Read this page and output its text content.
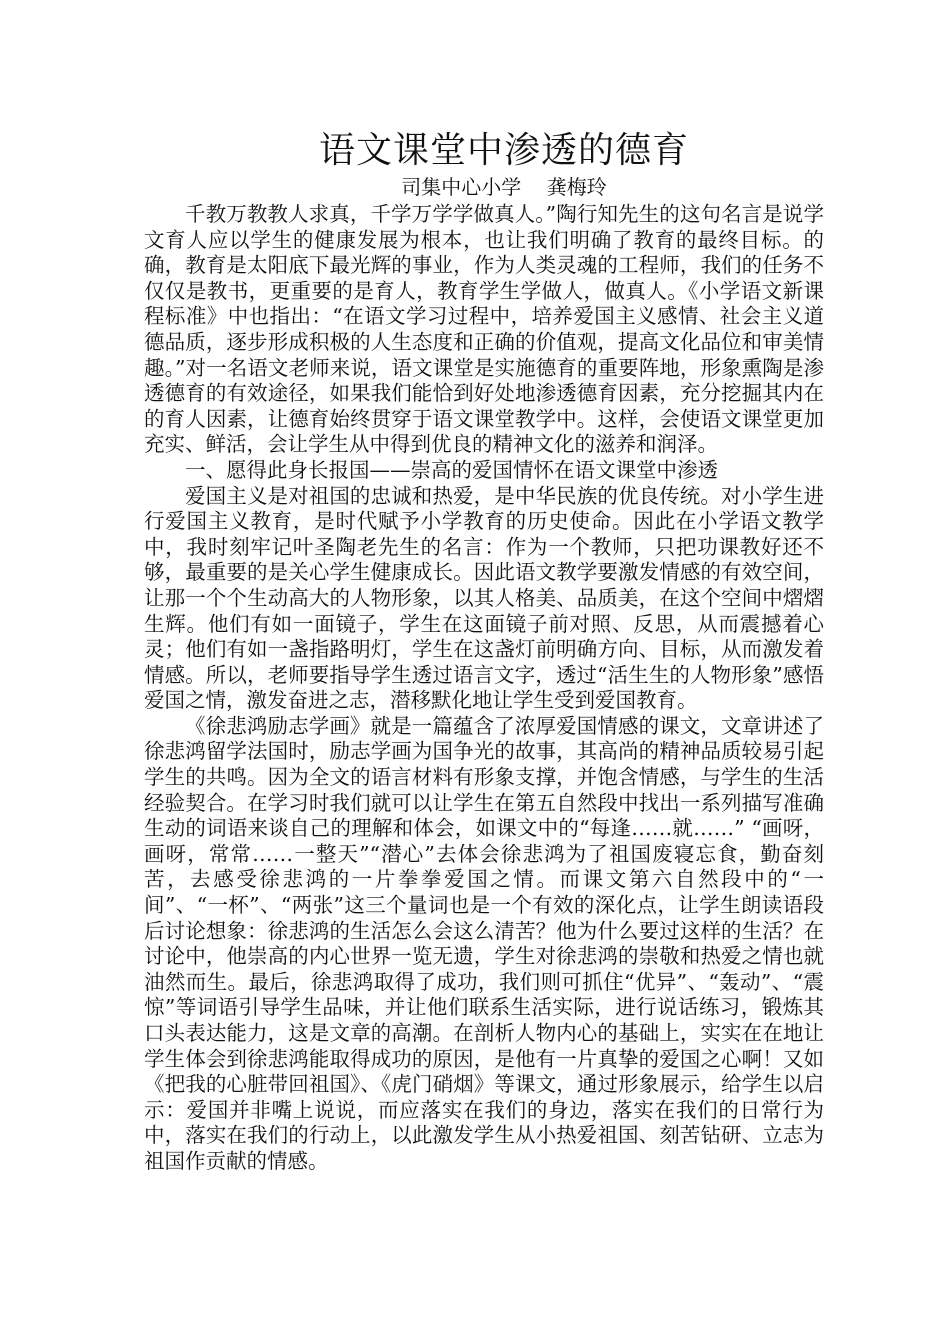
语文课堂中渗透的德育
司集中心小学    龚梅玲

千教万教教人求真，千学万学学做真人。”陶行知先生的这句名言是说学文育人应以学生的健康发展为根本，也让我们明确了教育的最终目标。的确，教育是太阳底下最光辉的事业，作为人类灵魂的工程师，我们的任务不仅仅是教书，更重要的是育人，教育学生学做人，做真人。《小学语文新课程标准》中也指出：“在语文学习过程中，培养爱国主义感情、社会主义道德品质，逐步形成积极的人生态度和正确的价值观，提高文化品位和审美情趣。”对一名语文老师来说，语文课堂是实施德育的重要阵地，形象熏陶是渗透德育的有效途径，如果我们能恰到好处地渗透德育因素，充分挖掘其内在的育人因素，让德育始终贯穿于语文课堂教学中。这样，会使语文课堂更加充实、鲜活，会让学生从中得到优良的精神文化的滋养和润泽。

一、愿得此身长报国——崇高的爱国情怀在语文课堂中渗透

爱国主义是对祖国的忠诚和热爱，是中华民族的优良传统。对小学生进行爱国主义教育，是时代赋予小学教育的历史使命。因此在小学语文教学中，我时刻牢记叶圣陶老先生的名言：作为一个教师，只把功课教好还不够，最重要的是关心学生健康成长。因此语文教学要激发情感的有效空间，让那一个个生动高大的人物形象，以其人格美、品质美，在这个空间中熠熠生辉。他们有如一面镜子，学生在这面镜子前对照、反思，从而震撼着心灵；他们有如一盏指路明灯，学生在这盏灯前明确方向、目标，从而激发着情感。所以，老师要指导学生透过语言文字，透过“活生生的人物形象”感悟爱国之情，激发奋进之志，潜移默化地让学生受到爱国教育。

《徐悲鸿励志学画》就是一篇蕴含了浓厚爱国情感的课文，文章讲述了徐悲鸿留学法国时，励志学画为国争光的故事，其高尚的精神品质较易引起学生的共鸣。因为全文的语言材料有形象支撑，并饱含情感，与学生的生活经验契合。在学习时我们就可以让学生在第五自然段中找出一系列描写准确生动的词语来谈自己的理解和体会，如课文中的“每逢……就……” “画呀，画呀，常常……一整天”“潜心”去体会徐悲鸿为了祖国废寝忘食，勤奋刻苦，去感受徐悲鸿的一片拳拳爱国之情。而课文第六自然段中的“一间”、“一杯”、“两张”这三个量词也是一个有效的深化点，让学生朗读语段后讨论想象：徐悲鸿的生活怎么会这么清苦？他为什么要过这样的生活？在讨论中，他崇高的内心世界一览无遗，学生对徐悲鸿的崇敬和热爱之情也就油然而生。最后，徐悲鸿取得了成功，我们则可抓住“优异”、“轰动”、“震惊”等词语引导学生品味，并让他们联系生活实际，进行说话练习，锻炼其口头表达能力，这是文章的高潮。在剖析人物内心的基础上，实实在在地让学生体会到徐悲鸿能取得成功的原因，是他有一片真挚的爱国之心啊！又如《把我的心脏带回祖国》、《虎门硝烟》等课文，通过形象展示，给学生以启示：爱国并非嘴上说说，而应落实在我们的身边，落实在我们的日常行为中，落实在我们的行动上，以此激发学生从小热爱祖国、刻苦钻研、立志为祖国作贡献的情感。
